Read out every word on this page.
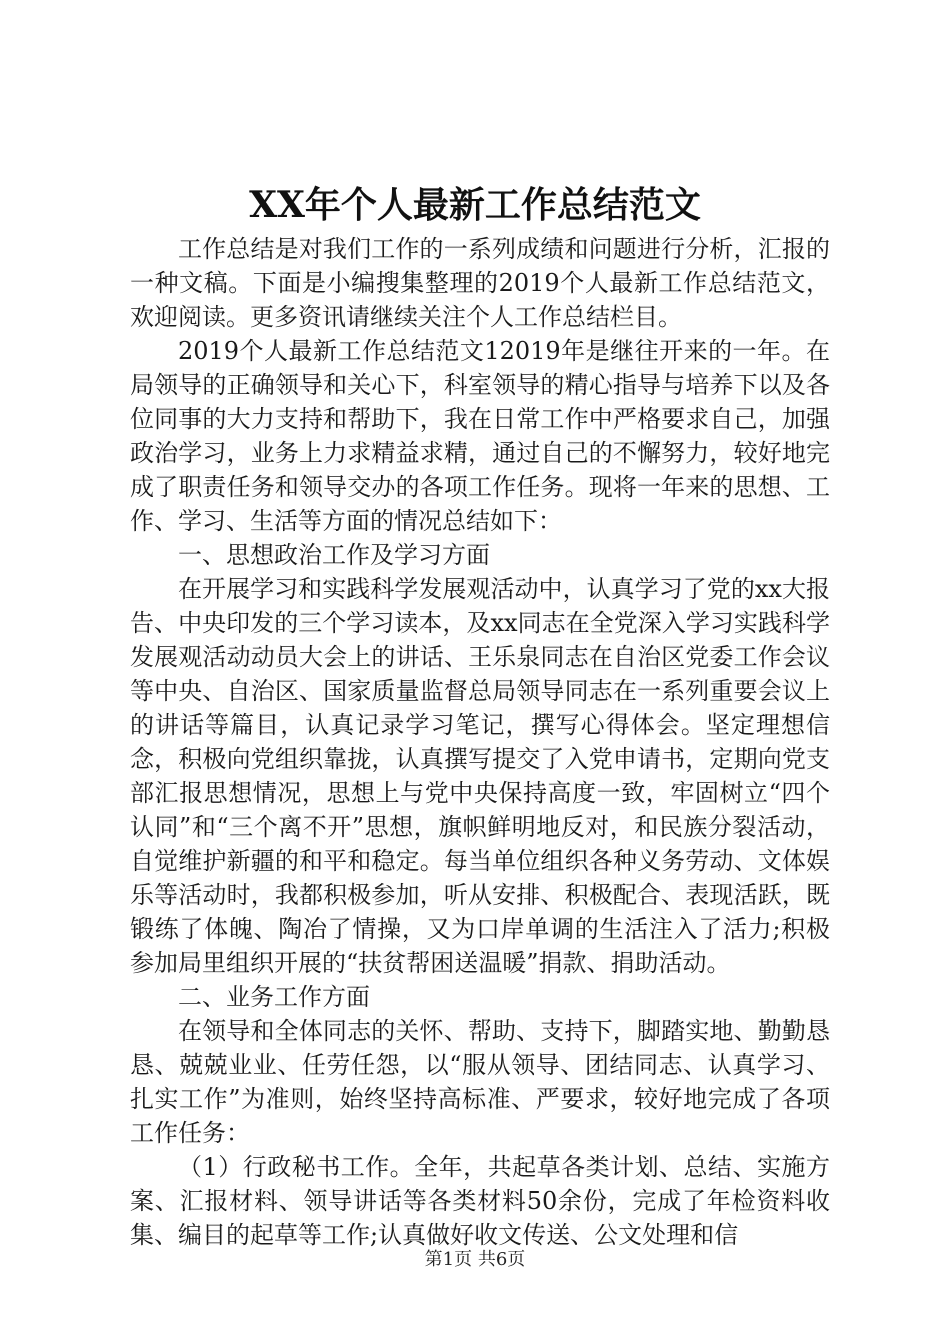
XX年个人最新工作总结范文

工作总结是对我们工作的一系列成绩和问题进行分析，汇报的一种文稿。下面是小编搜集整理的2019个人最新工作总结范文，欢迎阅读。更多资讯请继续关注个人工作总结栏目。

2019个人最新工作总结范文12019年是继往开来的一年。在局领导的正确领导和关心下，科室领导的精心指导与培养下以及各位同事的大力支持和帮助下，我在日常工作中严格要求自己，加强政治学习，业务上力求精益求精，通过自己的不懈努力，较好地完成了职责任务和领导交办的各项工作任务。现将一年来的思想、工作、学习、生活等方面的情况总结如下：

一、思想政治工作及学习方面

在开展学习和实践科学发展观活动中，认真学习了党的xx大报告、中央印发的三个学习读本，及xx同志在全党深入学习实践科学发展观活动动员大会上的讲话、王乐泉同志在自治区党委工作会议等中央、自治区、国家质量监督总局领导同志在一系列重要会议上的讲话等篇目，认真记录学习笔记，撰写心得体会。坚定理想信念，积极向党组织靠拢，认真撰写提交了入党申请书，定期向党支部汇报思想情况，思想上与党中央保持高度一致，牢固树立“四个认同”和“三个离不开”思想，旗帜鲜明地反对，和民族分裂活动，自觉维护新疆的和平和稳定。每当单位组织各种义务劳动、文体娱乐等活动时，我都积极参加，听从安排、积极配合、表现活跃，既锻练了体魄、陶冶了情操，又为口岸单调的生活注入了活力;积极参加局里组织开展的“扶贫帮困送温暖”捐款、捐助活动。

二、业务工作方面

在领导和全体同志的关怀、帮助、支持下，脚踏实地、勤勤恳恳、兢兢业业、任劳任怨，以“服从领导、团结同志、认真学习、扎实工作”为准则，始终坚持高标准、严要求，较好地完成了各项工作任务：

（1）行政秘书工作。全年，共起草各类计划、总结、实施方案、汇报材料、领导讲话等各类材料50余份，完成了年检资料收集、编目的起草等工作;认真做好收文传送、公文处理和信

第1页 共6页
